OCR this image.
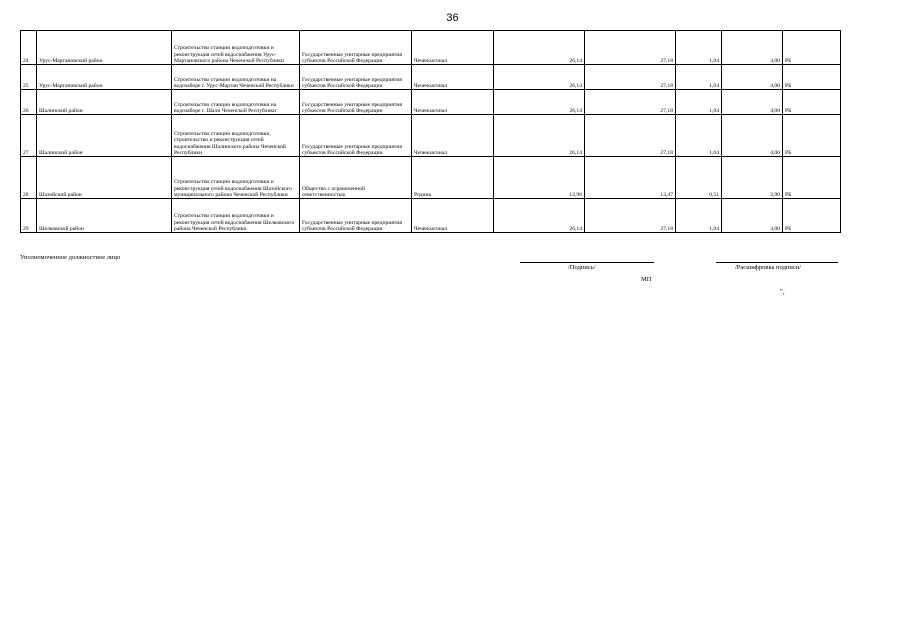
36
24	Урус-Мартановский район	Строительство станции водоподготовки и реконструкция сетей водоснабжения Урус-Мартановского района Чеченской Республики	Государственные унитарные предприятия субъектов Российской Федерации	Чеченоасчнал	26,14	27,18	1,04	4,00	РБ
25	Урус-Мартановский район	Строительство станции водоподготовки на водозаборе г. Урус-Мартан Чеченской Республики	Государственные унитарные предприятия субъектов Российской Федерации	Чеченоасчнал	26,14	27,18	1,04	4,00	РБ
26	Шалинский район	Строительство станции водоподготовки на водозаборе г. Шали Чеченской Республики	Государственные унитарные предприятия субъектов Российской Федерации	Чеченоасчнал	26,14	27,18	1,04	4,00	РБ
27	Шалинский район	Строительство станции водоподготовки, строительство и реконструкция сетей водоснабжения Шалинского района Чеченской Республики	Государственные унитарные предприятия субъектов Российской Федерации	Чеченоасчнал	26,14	27,18	1,04	4,00	РБ
28	Шатойский район	Строительство станции водоподготовки и реконструкция сетей водоснабжения Шатойского муниципального района Чеченской Республики	Общество с ограниченной ответственностью	Родник	12,96	13,47	0,51	3,90	РБ
29	Шелковской район	Строительство станции водоподготовки и реконструкция сетей водоснабжения Шелковского района Чеченской Республики	Государственные унитарные предприятия субъектов Российской Федерации	Чеченоасчнал	26,14	27,18	1,04	4,00	РБ
Уполномоченное должностное лицо
/Подпись/	/Расшифровка подписи/
МП
",
